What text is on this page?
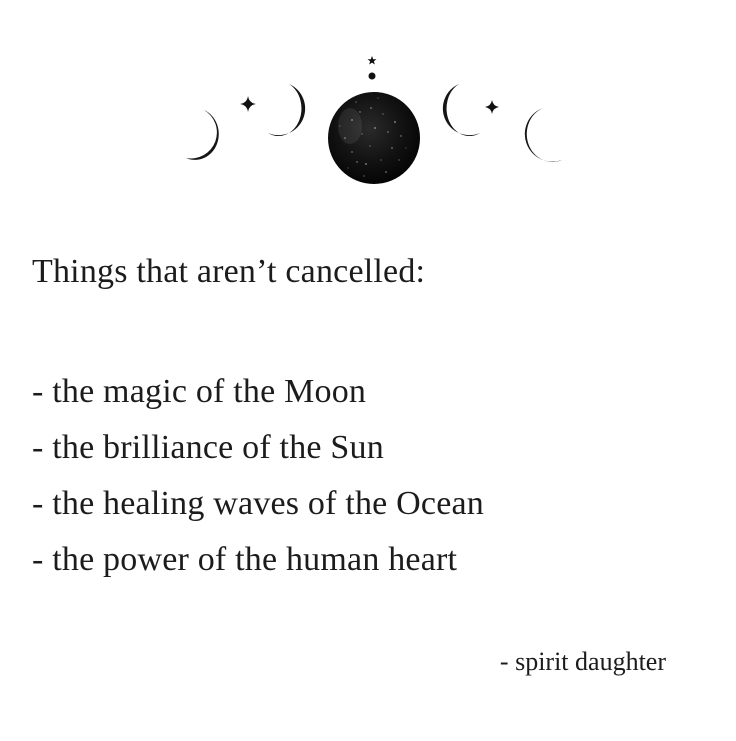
Things that aren’t cancelled:
- the magic of the Moon
- the brilliance of the Sun
- the healing waves of the Ocean
- the power of the human heart
- spirit daughter
